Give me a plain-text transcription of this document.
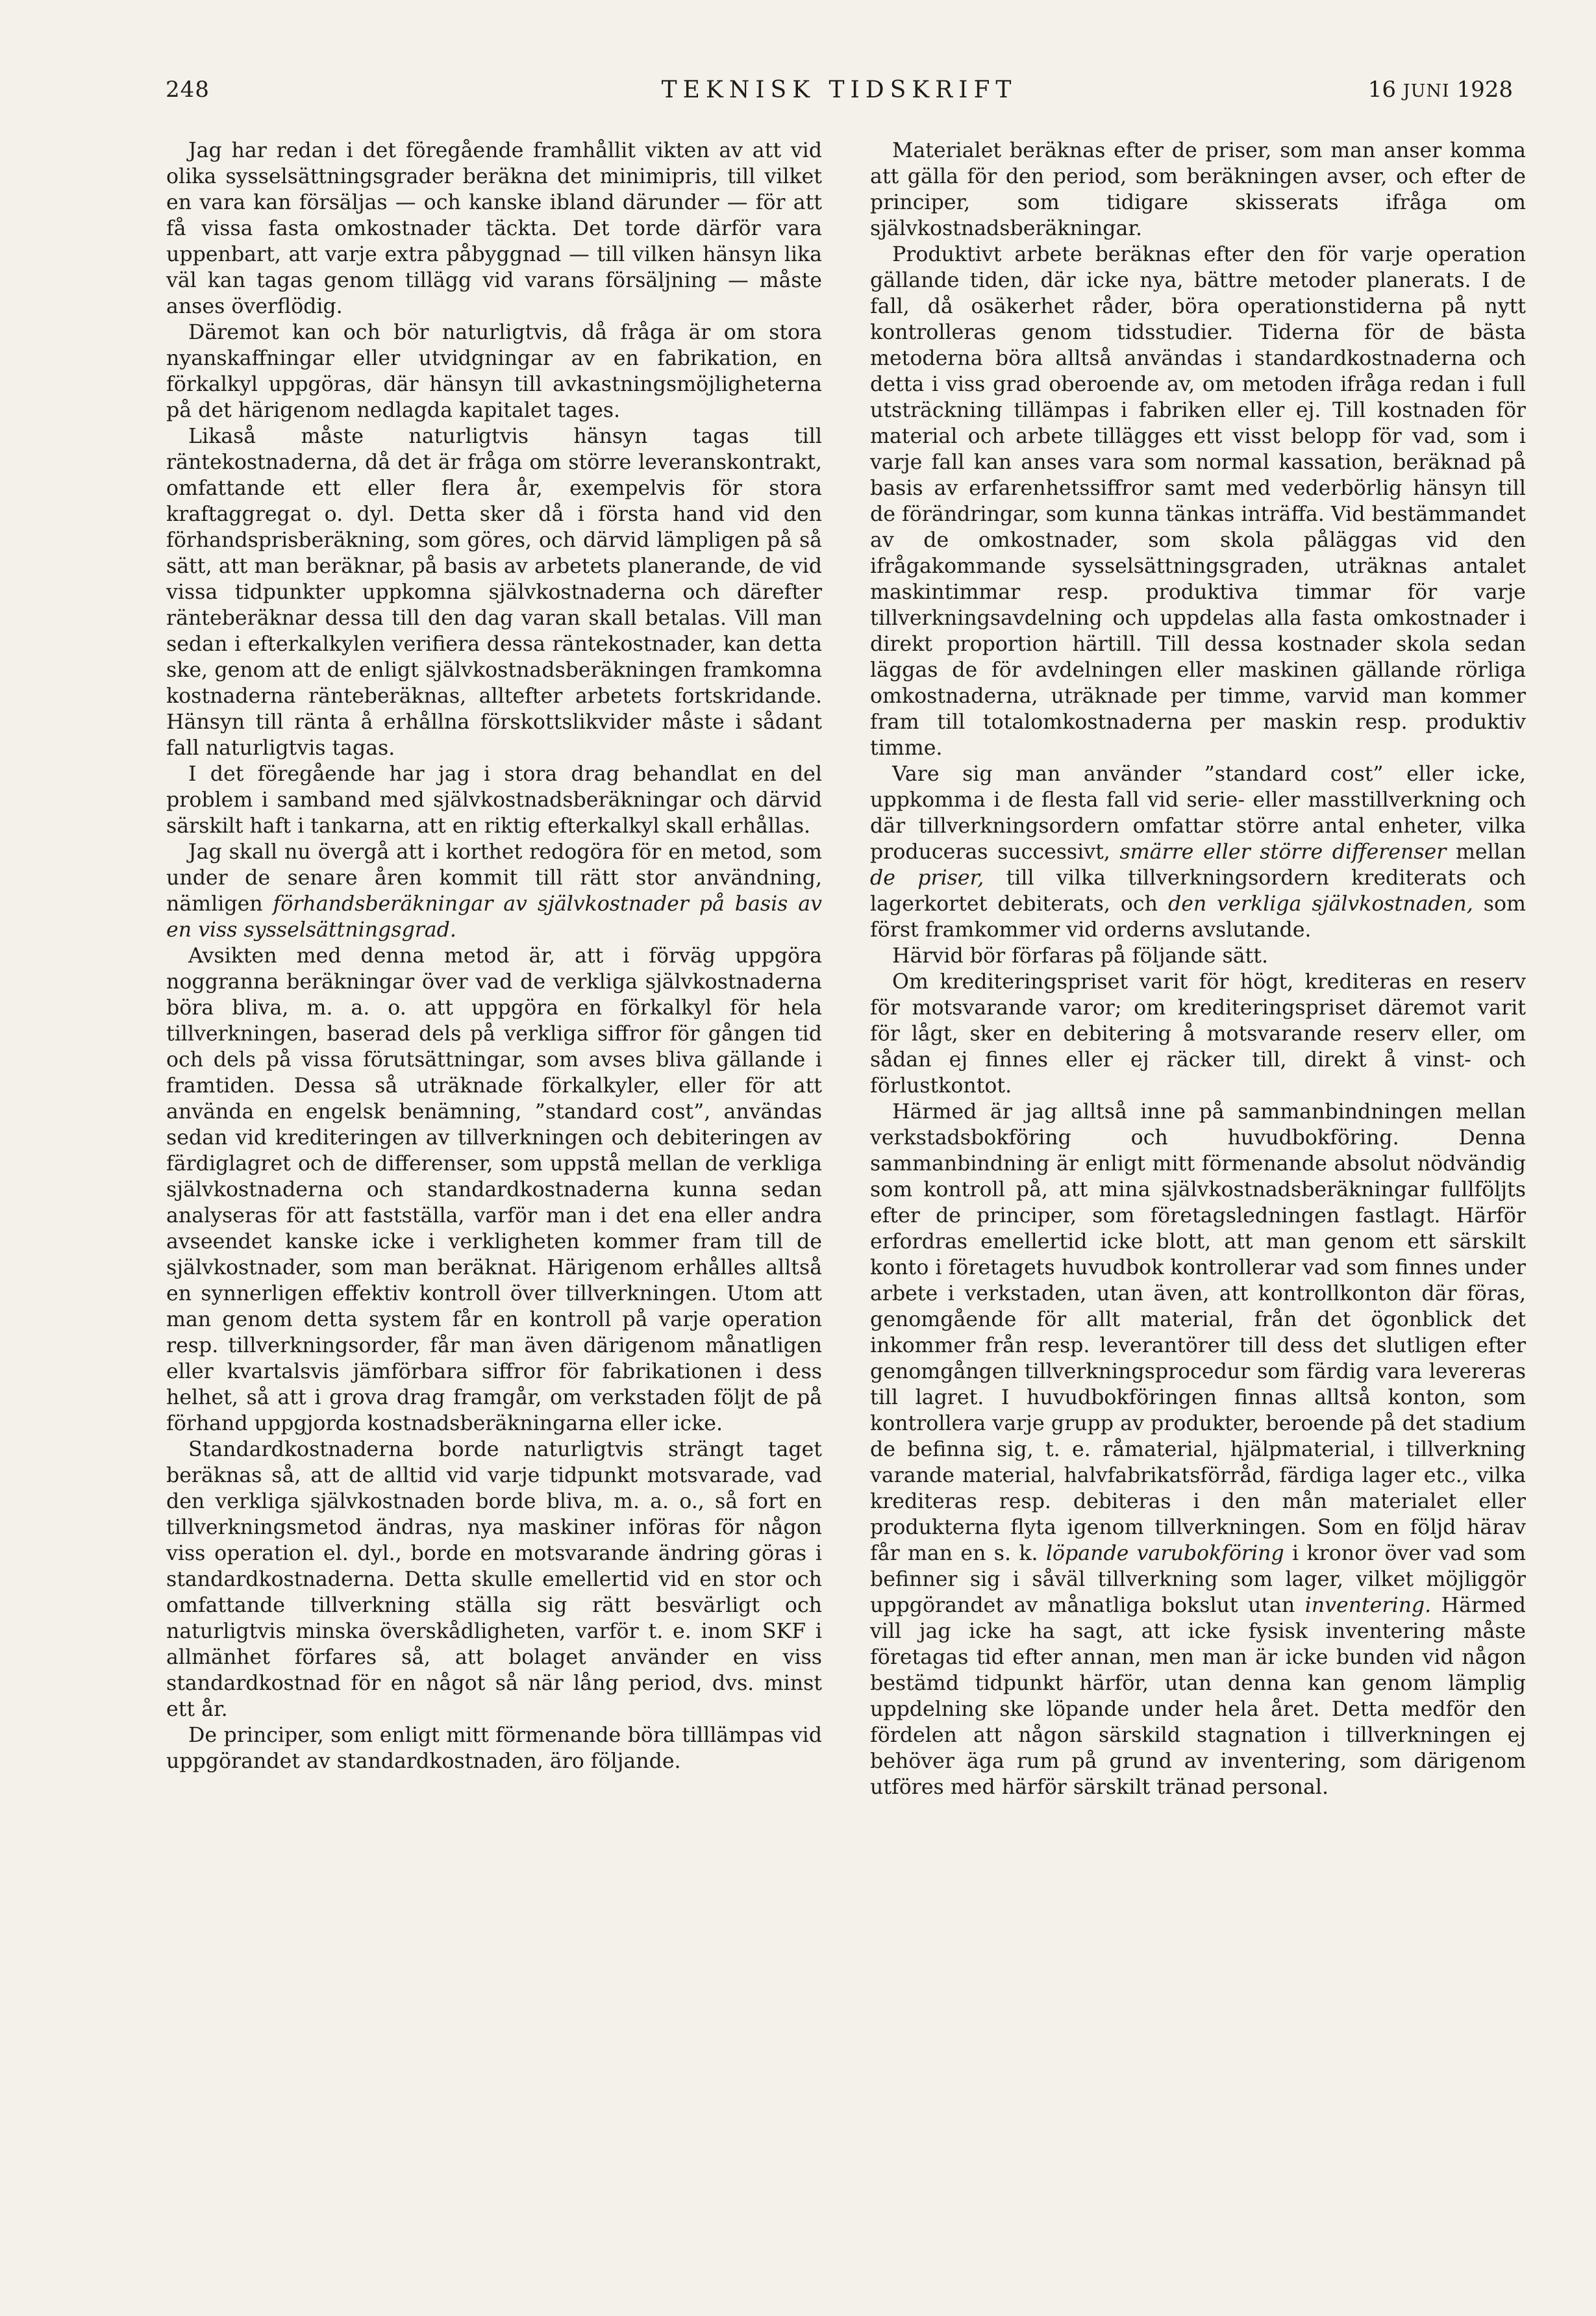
248	TEKNISK TIDSKRIFT	16 JUNI 1928

Jag har redan i det föregående framhållit vikten av att vid olika sysselsättningsgrader beräkna det minimipris, till vilket en vara kan försäljas — och kanske ibland därunder — för att få vissa fasta omkostnader täckta. Det torde därför vara uppenbart, att varje extra påbyggnad — till vilken hänsyn lika väl kan tagas genom tillägg vid varans försäljning — måste anses överflödig.

Däremot kan och bör naturligtvis, då fråga är om stora nyanskaffningar eller utvidgningar av en fabrikation, en förkalkyl uppgöras, där hänsyn till avkastningsmöjligheterna på det härigenom nedlagda kapitalet tages.

Likaså måste naturligtvis hänsyn tagas till räntekostnaderna, då det är fråga om större leveranskontrakt, omfattande ett eller flera år, exempelvis för stora kraftaggregat o. dyl. Detta sker då i första hand vid den förhandsprisberäkning, som göres, och därvid lämpligen på så sätt, att man beräknar, på basis av arbetets planerande, de vid vissa tidpunkter uppkomna självkostnaderna och därefter ränteberäknar dessa till den dag varan skall betalas. Vill man sedan i efterkalkylen verifiera dessa räntekostnader, kan detta ske, genom att de enligt självkostnadsberäkningen framkomna kostnaderna ränteberäknas, alltefter arbetets fortskridande. Hänsyn till ränta å erhållna förskottslikvider måste i sådant fall naturligtvis tagas.

I det föregående har jag i stora drag behandlat en del problem i samband med självkostnadsberäkningar och därvid särskilt haft i tankarna, att en riktig efterkalkyl skall erhållas.

Jag skall nu övergå att i korthet redogöra för en metod, som under de senare åren kommit till rätt stor användning, nämligen förhandsberäkningar av självkostnader på basis av en viss sysselsättningsgrad.

Avsikten med denna metod är, att i förväg uppgöra noggranna beräkningar över vad de verkliga självkostnaderna böra bliva, m. a. o. att uppgöra en förkalkyl för hela tillverkningen, baserad dels på verkliga siffror för gången tid och dels på vissa förutsättningar, som avses bliva gällande i framtiden. Dessa så uträknade förkalkyler, eller för att använda en engelsk benämning, ”standard cost”, användas sedan vid krediteringen av tillverkningen och debiteringen av färdiglagret och de differenser, som uppstå mellan de verkliga självkostnaderna och standardkostnaderna kunna sedan analyseras för att fastställa, varför man i det ena eller andra avseendet kanske icke i verkligheten kommer fram till de självkostnader, som man beräknat. Härigenom erhålles alltså en synnerligen effektiv kontroll över tillverkningen. Utom att man genom detta system får en kontroll på varje operation resp. tillverkningsorder, får man även därigenom månatligen eller kvartalsvis jämförbara siffror för fabrikationen i dess helhet, så att i grova drag framgår, om verkstaden följt de på förhand uppgjorda kostnadsberäkningarna eller icke.

Standardkostnaderna borde naturligtvis strängt taget beräknas så, att de alltid vid varje tidpunkt motsvarade, vad den verkliga självkostnaden borde bliva, m. a. o., så fort en tillverkningsmetod ändras, nya maskiner införas för någon viss operation el. dyl., borde en motsvarande ändring göras i standardkostnaderna. Detta skulle emellertid vid en stor och omfattande tillverkning ställa sig rätt besvärligt och naturligtvis minska överskådligheten, varför t. e. inom SKF i allmänhet förfares så, att bolaget använder en viss standardkostnad för en något så när lång period, dvs. minst ett år.

De principer, som enligt mitt förmenande böra tilllämpas vid uppgörandet av standardkostnaden, äro följande.

Materialet beräknas efter de priser, som man anser komma att gälla för den period, som beräkningen avser, och efter de principer, som tidigare skisserats ifråga om självkostnadsberäkningar.

Produktivt arbete beräknas efter den för varje operation gällande tiden, där icke nya, bättre metoder planerats. I de fall, då osäkerhet råder, böra operationstiderna på nytt kontrolleras genom tidsstudier. Tiderna för de bästa metoderna böra alltså användas i standardkostnaderna och detta i viss grad oberoende av, om metoden ifråga redan i full utsträckning tillämpas i fabriken eller ej. Till kostnaden för material och arbete tillägges ett visst belopp för vad, som i varje fall kan anses vara som normal kassation, beräknad på basis av erfarenhetssiffror samt med vederbörlig hänsyn till de förändringar, som kunna tänkas inträffa. Vid bestämmandet av de omkostnader, som skola påläggas vid den ifrågakommande sysselsättningsgraden, uträknas antalet maskintimmar resp. produktiva timmar för varje tillverkningsavdelning och uppdelas alla fasta omkostnader i direkt proportion härtill. Till dessa kostnader skola sedan läggas de för avdelningen eller maskinen gällande rörliga omkostnaderna, uträknade per timme, varvid man kommer fram till totalomkostnaderna per maskin resp. produktiv timme.

Vare sig man använder ”standard cost” eller icke, uppkomma i de flesta fall vid serie- eller masstillverkning och där tillverkningsordern omfattar större antal enheter, vilka produceras successivt, smärre eller större differenser mellan de priser, till vilka tillverkningsordern krediterats och lagerkortet debiterats, och den verkliga självkostnaden, som först framkommer vid orderns avslutande.

Härvid bör förfaras på följande sätt.

Om krediteringspriset varit för högt, krediteras en reserv för motsvarande varor; om krediteringspriset däremot varit för lågt, sker en debitering å motsvarande reserv eller, om sådan ej finnes eller ej räcker till, direkt å vinst- och förlustkontot.

Härmed är jag alltså inne på sammanbindningen mellan verkstadsbokföring och huvudbokföring. Denna sammanbindning är enligt mitt förmenande absolut nödvändig som kontroll på, att mina självkostnadsberäkningar fullföljts efter de principer, som företagsledningen fastlagt. Härför erfordras emellertid icke blott, att man genom ett särskilt konto i företagets huvudbok kontrollerar vad som finnes under arbete i verkstaden, utan även, att kontrollkonton där föras, genomgående för allt material, från det ögonblick det inkommer från resp. leverantörer till dess det slutligen efter genomgången tillverkningsprocedur som färdig vara levereras till lagret. I huvudbokföringen finnas alltså konton, som kontrollera varje grupp av produkter, beroende på det stadium de befinna sig, t. e. råmaterial, hjälpmaterial, i tillverkning varande material, halvfabrikatsförråd, färdiga lager etc., vilka krediteras resp. debiteras i den mån materialet eller produkterna flyta igenom tillverkningen. Som en följd härav får man en s. k. löpande varubokföring i kronor över vad som befinner sig i såväl tillverkning som lager, vilket möjliggör uppgörandet av månatliga bokslut utan inventering. Härmed vill jag icke ha sagt, att icke fysisk inventering måste företagas tid efter annan, men man är icke bunden vid någon bestämd tidpunkt härför, utan denna kan genom lämplig uppdelning ske löpande under hela året. Detta medför den fördelen att någon särskild stagnation i tillverkningen ej behöver äga rum på grund av inventering, som därigenom utföres med härför särskilt tränad personal.
